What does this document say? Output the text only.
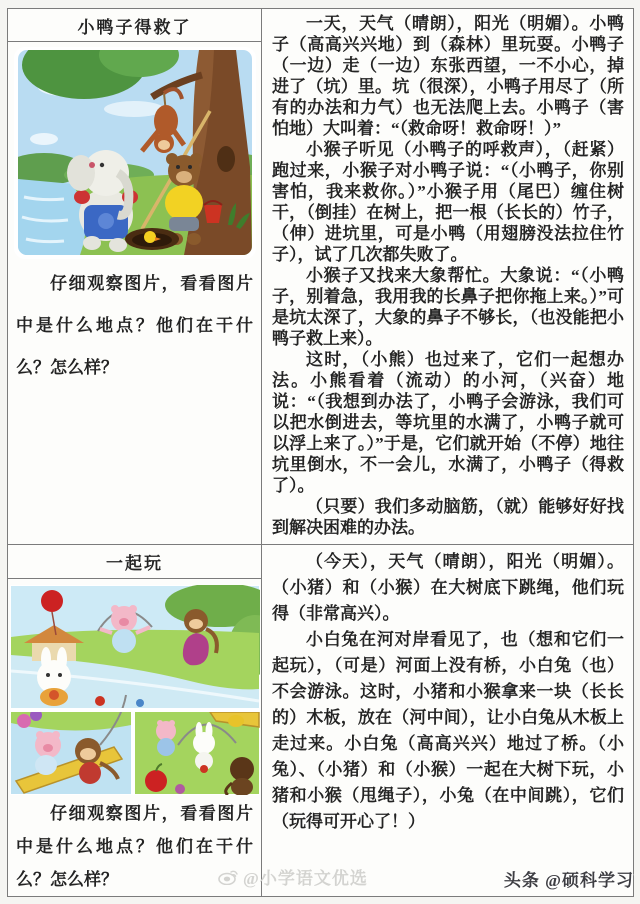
小鸭子得救了
仔细观察图片，看看图片中是什么地点？他们在干什么？怎么样？

一天，天气（晴朗），阳光（明媚）。小鸭子（高高兴兴地）到（森林）里玩耍。小鸭子（一边）走（一边）东张西望，一不小心，掉进了（坑）里。坑（很深），小鸭子用尽了（所有的办法和力气）也无法爬上去。小鸭子（害怕地）大叫着：“（救命呀！救命呀！）”

小猴子听见（小鸭子的呼救声），（赶紧）跑过来，小猴子对小鸭子说：“（小鸭子，你别害怕，我来救你。）”小猴子用（尾巴）缠住树干，（倒挂）在树上，把一根（长长的）竹子，（伸）进坑里，可是小鸭（用翅膀没法拉住竹子），试了几次都失败了。

小猴子又找来大象帮忙。大象说：“（小鸭子，别着急，我用我的长鼻子把你拖上来。）”可是坑太深了，大象的鼻子不够长，（也没能把小鸭子救上来）。

这时，（小熊）也过来了，它们一起想办法。小熊看着（流动）的小河，（兴奋）地说：“（我想到办法了，小鸭子会游泳，我们可以把水倒进去，等坑里的水满了，小鸭子就可以浮上来了。）”于是，它们就开始（不停）地往坑里倒水，不一会儿，水满了，小鸭子（得救了）。

（只要）我们多动脑筋，（就）能够好好找到解决困难的办法。

一起玩
仔细观察图片，看看图片中是什么地点？他们在干什么？怎么样？

（今天），天气（晴朗），阳光（明媚）。（小猪）和（小猴）在大树底下跳绳，他们玩得（非常高兴）。

小白兔在河对岸看见了，也（想和它们一起玩），（可是）河面上没有桥，小白兔（也）不会游泳。这时，小猪和小猴拿来一块（长长的）木板，放在（河中间），让小白兔从木板上走过来。小白兔（高高兴兴）地过了桥。（小兔）、（小猪）和（小猴）一起在大树下玩，小猪和小猴（甩绳子），小兔（在中间跳），它们（玩得可开心了！）

@小学语文优选	头条 @硕科学习
